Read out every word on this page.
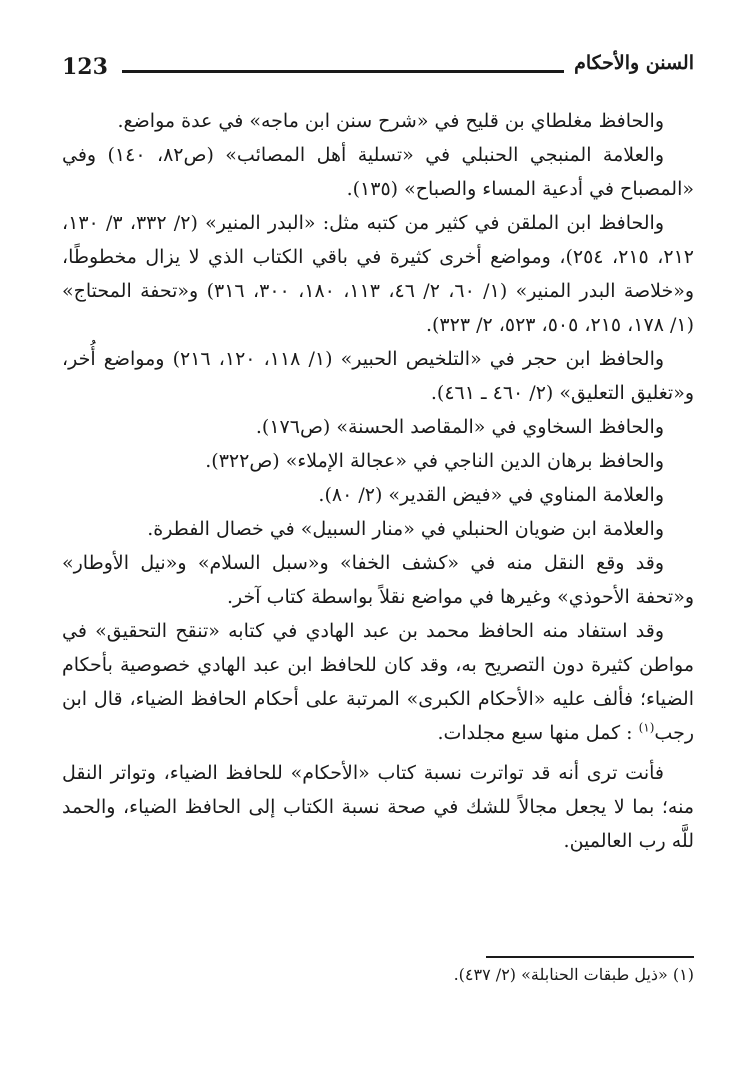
123	السنن والأحكام

والحافظ مغلطاي بن قليح في «شرح سنن ابن ماجه» في عدة مواضع.

والعلامة المنبجي الحنبلي في «تسلية أهل المصائب» (ص٨٢، ١٤٠) وفي «المصباح في أدعية المساء والصباح» (١٣٥).

والحافظ ابن الملقن في كثير من كتبه مثل: «البدر المنير» (٢/ ٣٣٢، ٣/ ١٣٠، ٢١٢، ٢١٥، ٢٥٤)، ومواضع أخرى كثيرة في باقي الكتاب الذي لا يزال مخطوطًا، و«خلاصة البدر المنير» (١/ ٦٠، ٢/ ٤٦، ١١٣، ١٨٠، ٣٠٠، ٣١٦) و«تحفة المحتاج» (١/ ١٧٨، ٢١٥، ٥٠٥، ٥٢٣، ٢/ ٣٢٣).

والحافظ ابن حجر في «التلخيص الحبير» (١/ ١١٨، ١٢٠، ٢١٦) ومواضع أُخر، و«تغليق التعليق» (٢/ ٤٦٠ ـ ٤٦١).

والحافظ السخاوي في «المقاصد الحسنة» (ص١٧٦).

والحافظ برهان الدين الناجي في «عجالة الإملاء» (ص٣٢٢).

والعلامة المناوي في «فيض القدير» (٢/ ٨٠).

والعلامة ابن ضويان الحنبلي في «منار السبيل» في خصال الفطرة.

وقد وقع النقل منه في «كشف الخفا» و«سبل السلام» و«نيل الأوطار» و«تحفة الأحوذي» وغيرها في مواضع نقلاً بواسطة كتاب آخر.

وقد استفاد منه الحافظ محمد بن عبد الهادي في كتابه «تنقح التحقيق» في مواطن كثيرة دون التصريح به، وقد كان للحافظ ابن عبد الهادي خصوصية بأحكام الضياء؛ فألف عليه «الأحكام الكبرى» المرتبة على أحكام الحافظ الضياء، قال ابن رجب$^{(١)}$ : كمل منها سبع مجلدات.

فأنت ترى أنه قد تواترت نسبة كتاب «الأحكام» للحافظ الضياء، وتواتر النقل منه؛ بما لا يجعل مجالاً للشك في صحة نسبة الكتاب إلى الحافظ الضياء، والحمد للَّه رب العالمين.

(١) «ذيل طبقات الحنابلة» (٢/ ٤٣٧).
